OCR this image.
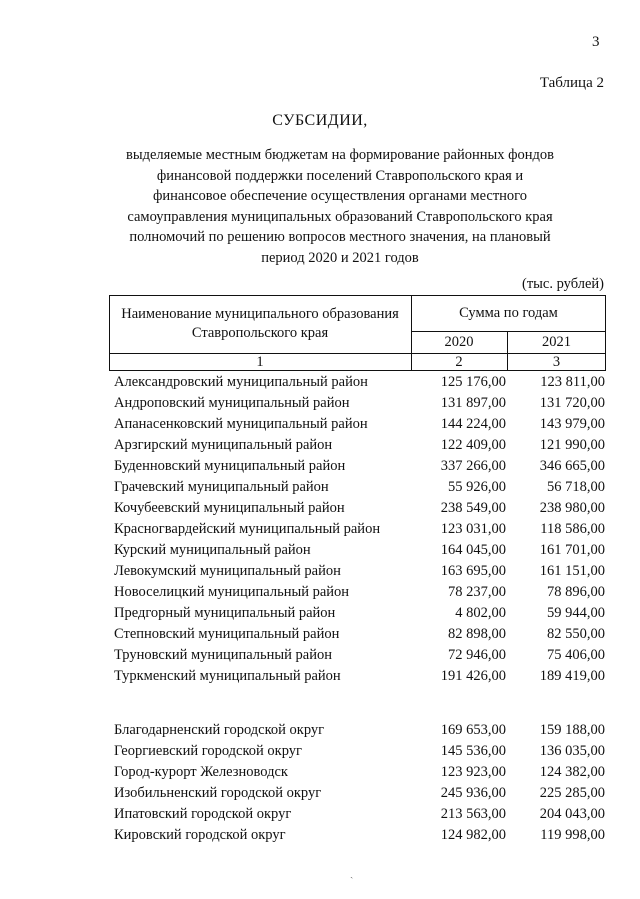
3
Таблица 2
СУБСИДИИ,
выделяемые местным бюджетам на формирование районных фондов
финансовой поддержки поселений Ставропольского края и
финансовое обеспечение осуществления органами местного
самоуправления муниципальных образований Ставропольского края
полномочий по решению вопросов местного значения, на плановый
период 2020 и 2021 годов
(тыс. рублей)
Наименование муниципального образования
Ставропольского края
Сумма по годам
2020	2021
1	2	3
Александровский муниципальный район	125 176,00 123 811,00
Андроповский муниципальный район	131 897,00 131 720,00
Апанасенковский муниципальный район	144 224,00 143 979,00
Арзгирский муниципальный район	122 409,00 121 990,00
Буденновский муниципальный район	337 266,00 346 665,00
Грачевский муниципальный район	55 926,00	56 718,00
Кочубеевский муниципальный район	238 549,00 238 980,00
Красногвардейский муниципальный район	123 031,00 118 586,00
Курский муниципальный район	164 045,00 161 701,00
Левокумский муниципальный район	163 695,00 161 151,00
Новоселицкий муниципальный район	78 237,00	78 896,00
Предгорный муниципальный район	4 802,00	59 944,00
Степновский муниципальный район	82 898,00	82 550,00
Труновский муниципальный район	72 946,00	75 406,00
Туркменский муниципальный район	191 426,00 189 419,00
Благодарненский городской округ	169 653,00 159 188,00
Георгиевский городской округ	145 536,00 136 035,00
Город-курорт Железноводск	123 923,00 124 382,00
Изобильненский городской округ	245 936,00 225 285,00
Ипатовский городской округ	213 563,00 204 043,00
Кировский городской округ	124 982,00 119 998,00
ˎ
